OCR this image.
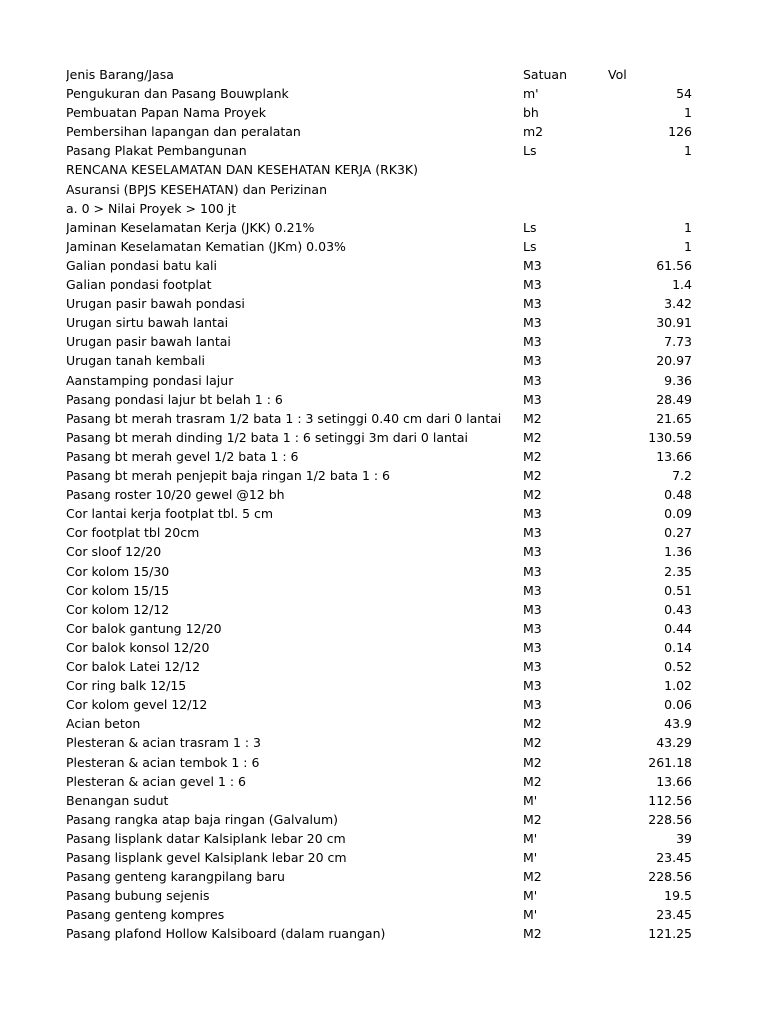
Jenis Barang/Jasa	Satuan	Vol
Pengukuran dan Pasang Bouwplank	m'	54
Pembuatan Papan Nama Proyek	bh	1
Pembersihan lapangan dan peralatan	m2	126
Pasang Plakat Pembangunan	Ls	1
RENCANA KESELAMATAN DAN KESEHATAN KERJA (RK3K)
Asuransi (BPJS KESEHATAN) dan Perizinan
a. 0 > Nilai Proyek > 100 jt
Jaminan Keselamatan Kerja (JKK) 0.21%	Ls	1
Jaminan Keselamatan Kematian (JKm) 0.03%	Ls	1
Galian pondasi batu kali	M3	61.56
Galian pondasi footplat	M3	1.4
Urugan pasir bawah pondasi	M3	3.42
Urugan sirtu bawah lantai	M3	30.91
Urugan pasir bawah lantai	M3	7.73
Urugan tanah kembali	M3	20.97
Aanstamping pondasi lajur	M3	9.36
Pasang pondasi lajur bt belah 1 : 6	M3	28.49
Pasang bt merah trasram 1/2 bata 1 : 3 setinggi 0.40 cm dari 0 lantai	M2	21.65
Pasang bt merah dinding 1/2 bata 1 : 6 setinggi 3m dari 0 lantai	M2	130.59
Pasang bt merah gevel 1/2 bata 1 : 6	M2	13.66
Pasang bt merah penjepit baja ringan 1/2 bata 1 : 6	M2	7.2
Pasang roster 10/20 gewel @12 bh	M2	0.48
Cor lantai kerja footplat tbl. 5 cm	M3	0.09
Cor footplat tbl 20cm	M3	0.27
Cor sloof 12/20	M3	1.36
Cor kolom 15/30	M3	2.35
Cor kolom 15/15	M3	0.51
Cor kolom 12/12	M3	0.43
Cor balok gantung 12/20	M3	0.44
Cor balok konsol 12/20	M3	0.14
Cor balok Latei 12/12	M3	0.52
Cor ring balk 12/15	M3	1.02
Cor kolom gevel 12/12	M3	0.06
Acian beton	M2	43.9
Plesteran & acian trasram 1 : 3	M2	43.29
Plesteran & acian tembok 1 : 6	M2	261.18
Plesteran & acian gevel 1 : 6	M2	13.66
Benangan sudut	M'	112.56
Pasang rangka atap baja ringan (Galvalum)	M2	228.56
Pasang lisplank datar Kalsiplank lebar 20 cm	M'	39
Pasang lisplank gevel Kalsiplank lebar 20 cm	M'	23.45
Pasang genteng karangpilang baru	M2	228.56
Pasang bubung sejenis	M'	19.5
Pasang genteng kompres	M'	23.45
Pasang plafond Hollow Kalsiboard (dalam ruangan)	M2	121.25
